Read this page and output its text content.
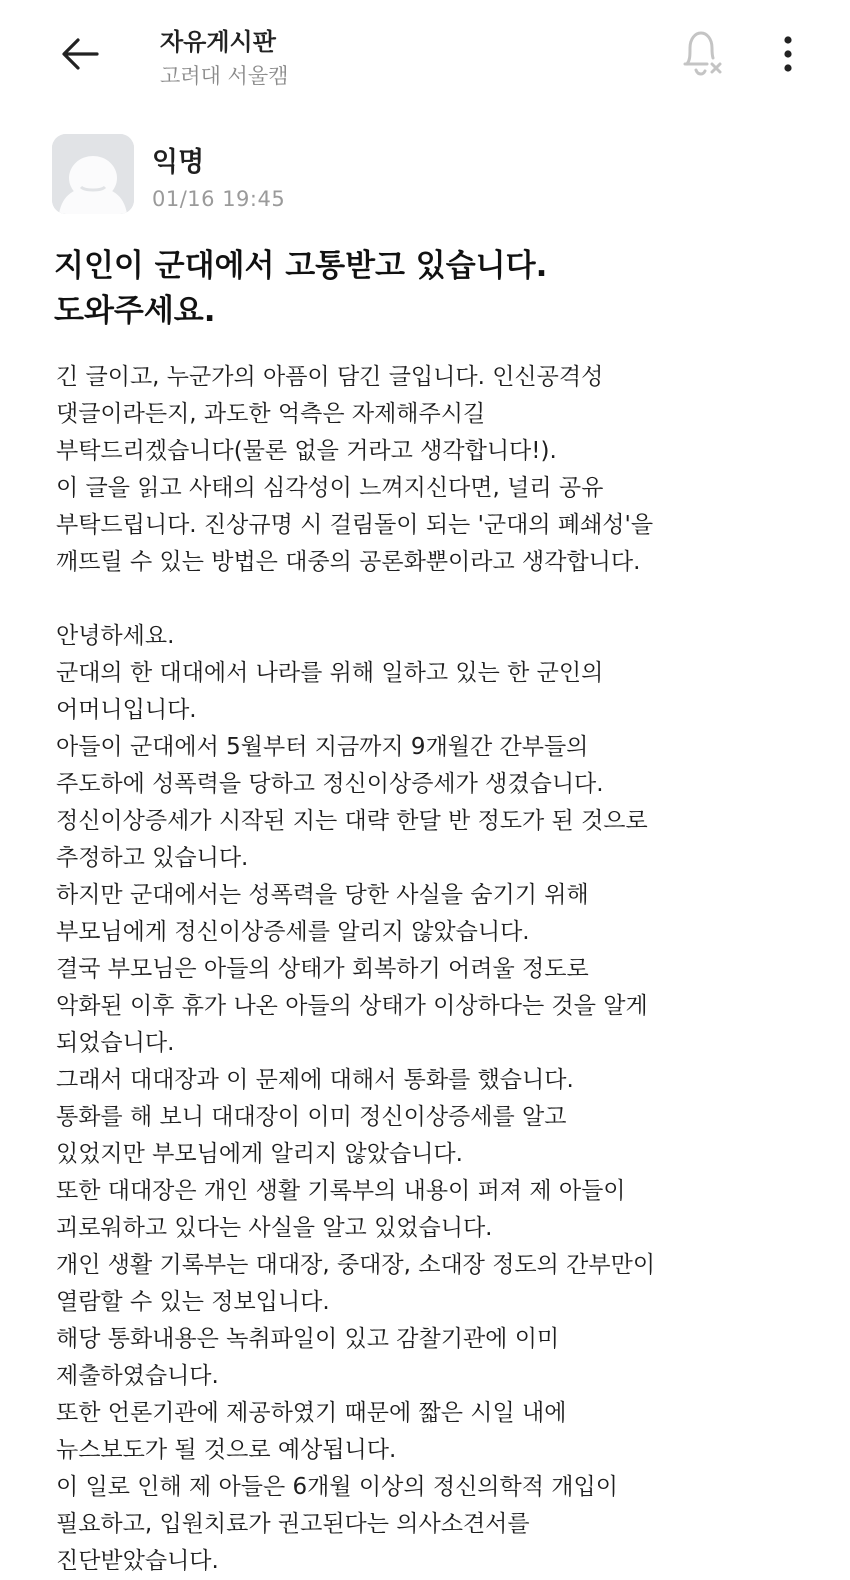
자유게시판
고려대 서울캠
익명
01/16 19:45
지인이 군대에서 고통받고 있습니다.
도와주세요.
긴 글이고, 누군가의 아픔이 담긴 글입니다. 인신공격성
댓글이라든지, 과도한 억측은 자제해주시길
부탁드리겠습니다(물론 없을 거라고 생각합니다!).
이 글을 읽고 사태의 심각성이 느껴지신다면, 널리 공유
부탁드립니다. 진상규명 시 걸림돌이 되는 '군대의 폐쇄성'을
깨뜨릴 수 있는 방법은 대중의 공론화뿐이라고 생각합니다.
안녕하세요.
군대의 한 대대에서 나라를 위해 일하고 있는 한 군인의
어머니입니다.
아들이 군대에서 5월부터 지금까지 9개월간 간부들의
주도하에 성폭력을 당하고 정신이상증세가 생겼습니다.
정신이상증세가 시작된 지는 대략 한달 반 정도가 된 것으로
추정하고 있습니다.
하지만 군대에서는 성폭력을 당한 사실을 숨기기 위해
부모님에게 정신이상증세를 알리지 않았습니다.
결국 부모님은 아들의 상태가 회복하기 어려울 정도로
악화된 이후 휴가 나온 아들의 상태가 이상하다는 것을 알게
되었습니다.
그래서 대대장과 이 문제에 대해서 통화를 했습니다.
통화를 해 보니 대대장이 이미 정신이상증세를 알고
있었지만 부모님에게 알리지 않았습니다.
또한 대대장은 개인 생활 기록부의 내용이 퍼져 제 아들이
괴로워하고 있다는 사실을 알고 있었습니다.
개인 생활 기록부는 대대장, 중대장, 소대장 정도의 간부만이
열람할 수 있는 정보입니다.
해당 통화내용은 녹취파일이 있고 감찰기관에 이미
제출하였습니다.
또한 언론기관에 제공하였기 때문에 짧은 시일 내에
뉴스보도가 될 것으로 예상됩니다.
이 일로 인해 제 아들은 6개월 이상의 정신의학적 개입이
필요하고, 입원치료가 권고된다는 의사소견서를
진단받았습니다.
